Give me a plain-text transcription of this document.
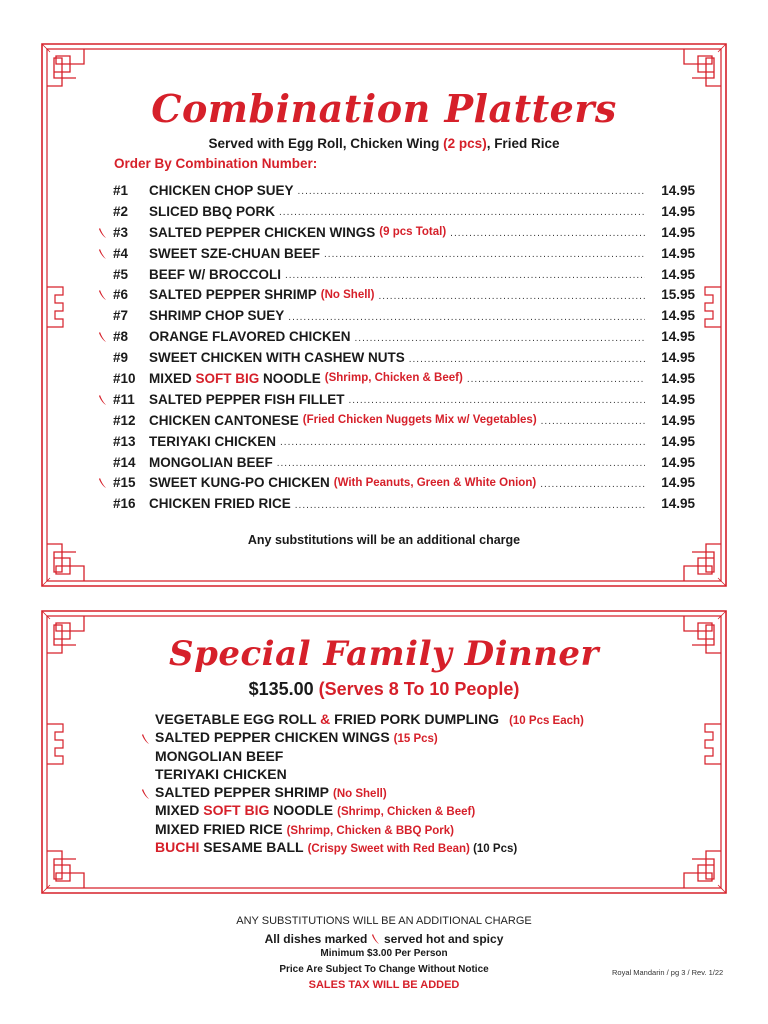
Combination Platters
Served with Egg Roll, Chicken Wing (2 pcs), Fried Rice
Order By Combination Number:
#1	CHICKEN CHOP SUEY .....	14.95
#2	SLICED BBQ PORK .....	14.95
#3	SALTED PEPPER CHICKEN WINGS (9 pcs Total) .....	14.95
#4	SWEET SZE-CHUAN BEEF .....	14.95
#5	BEEF W/ BROCCOLI .....	14.95
#6	SALTED PEPPER SHRIMP (No Shell) .....	15.95
#7	SHRIMP CHOP SUEY .....	14.95
#8	ORANGE FLAVORED CHICKEN .....	14.95
#9	SWEET CHICKEN WITH CASHEW NUTS .....	14.95
#10 MIXED SOFT BIG NOODLE (Shrimp, Chicken & Beef) .....	14.95
#11	SALTED PEPPER FISH FILLET .....	14.95
#12 CHICKEN CANTONESE (Fried Chicken Nuggets Mix w/ Vegetables) .....	14.95
#13 TERIYAKI CHICKEN .....	14.95
#14 MONGOLIAN BEEF .....	14.95
#15 SWEET KUNG-PO CHICKEN (With Peanuts, Green & White Onion) .....	14.95
#16 CHICKEN FRIED RICE .....	14.95
Any substitutions will be an additional charge
Special Family Dinner
$135.00 (Serves 8 To 10 People)
VEGETABLE EGG ROLL & FRIED PORK DUMPLING (10 Pcs Each)
SALTED PEPPER CHICKEN WINGS (15 Pcs)
MONGOLIAN BEEF
TERIYAKI CHICKEN
SALTED PEPPER SHRIMP (No Shell)
MIXED SOFT BIG NOODLE (Shrimp, Chicken & Beef)
MIXED FRIED RICE (Shrimp, Chicken & BBQ Pork)
BUCHI SESAME BALL (Crispy Sweet with Red Bean) (10 Pcs)
ANY SUBSTITUTIONS WILL BE AN ADDITIONAL CHARGE
All dishes marked  served hot and spicy
Minimum $3.00 Per Person
Price Are Subject To Change Without Notice
SALES TAX WILL BE ADDED
Royal Mandarin / pg 3 / Rev. 1/22
